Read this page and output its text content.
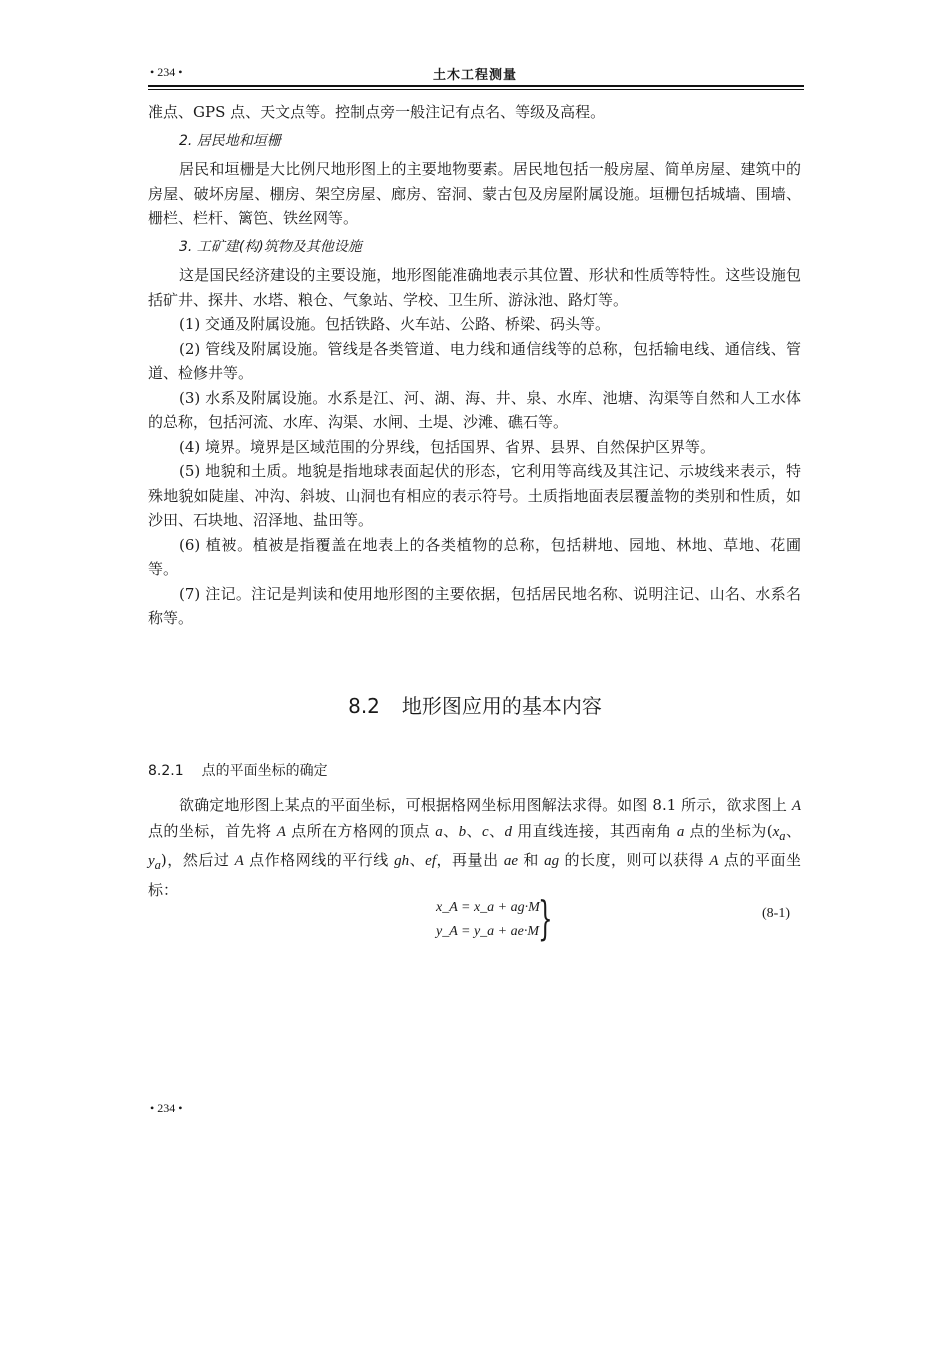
• 234 •	土木工程测量

准点、GPS 点、天文点等。控制点旁一般注记有点名、等级及高程。

2. 居民地和垣栅

居民和垣栅是大比例尺地形图上的主要地物要素。居民地包括一般房屋、简单房屋、建筑中的房屋、破坏房屋、棚房、架空房屋、廊房、窑洞、蒙古包及房屋附属设施。垣栅包括城墙、围墙、栅栏、栏杆、篱笆、铁丝网等。

3. 工矿建(构)筑物及其他设施

这是国民经济建设的主要设施，地形图能准确地表示其位置、形状和性质等特性。这些设施包括矿井、探井、水塔、粮仓、气象站、学校、卫生所、游泳池、路灯等。

(1) 交通及附属设施。包括铁路、火车站、公路、桥梁、码头等。

(2) 管线及附属设施。管线是各类管道、电力线和通信线等的总称，包括输电线、通信线、管道、检修井等。

(3) 水系及附属设施。水系是江、河、湖、海、井、泉、水库、池塘、沟渠等自然和人工水体的总称，包括河流、水库、沟渠、水闸、土堤、沙滩、礁石等。

(4) 境界。境界是区域范围的分界线，包括国界、省界、县界、自然保护区界等。

(5) 地貌和土质。地貌是指地球表面起伏的形态，它利用等高线及其注记、示坡线来表示，特殊地貌如陡崖、冲沟、斜坡、山洞也有相应的表示符号。土质指地面表层覆盖物的类别和性质，如沙田、石块地、沼泽地、盐田等。

(6) 植被。植被是指覆盖在地表上的各类植物的总称，包括耕地、园地、林地、草地、花圃等。

(7) 注记。注记是判读和使用地形图的主要依据，包括居民地名称、说明注记、山名、水系名称等。

8.2 地形图应用的基本内容
8.2.1 点的平面坐标的确定

欲确定地形图上某点的平面坐标，可根据格网坐标用图解法求得。如图 8.1 所示，欲求图上 A 点的坐标，首先将 A 点所在方格网的顶点 a、b、c、d 用直线连接，其西南角 a 点的坐标为($x_a$、$y_a$)，然后过 A 点作格网线的平行线 gh、ef，再量出 ae 和 ag 的长度，则可以获得 A 点的平面坐标：

x_A = x_a + ag·M
y_A = y_a + ae·M }	(8-1)
• 234 •
